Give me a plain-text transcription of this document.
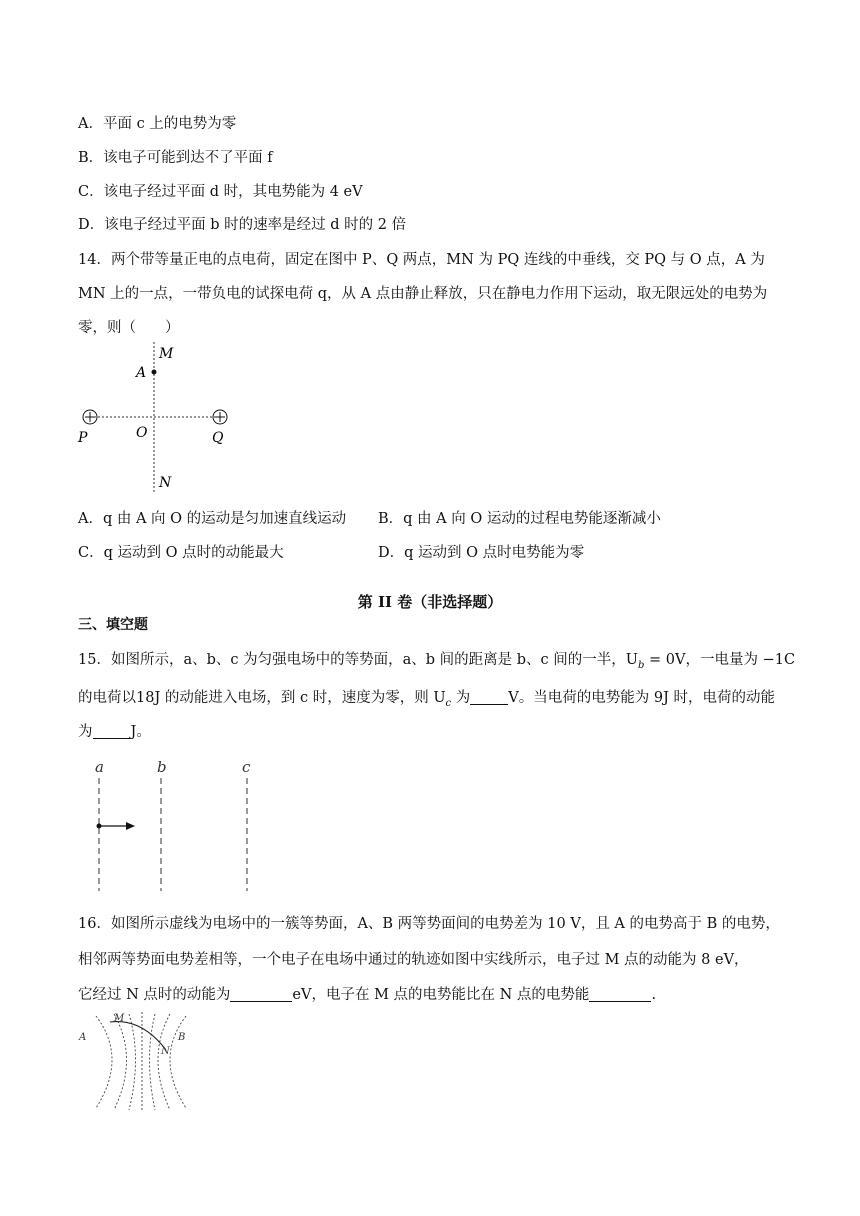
A．平面 c 上的电势为零
B．该电子可能到达不了平面 f
C．该电子经过平面 d 时，其电势能为 4 eV
D．该电子经过平面 b 时的速率是经过 d 时的 2 倍
14．两个带等量正电的点电荷，固定在图中 P、Q 两点，MN 为 PQ 连线的中垂线，交 PQ 与 O 点，A 为
MN 上的一点，一带负电的试探电荷 q，从 A 点由静止释放，只在静电力作用下运动，取无限远处的电势为
零，则（　　）
M
A
P	O	Q
N
A．q 由 A 向 O 的运动是匀加速直线运动 B．q 由 A 向 O 运动的过程电势能逐渐减小
C．q 运动到 O 点时的动能最大	D．q 运动到 O 点时电势能为零
第 II 卷（非选择题）
三、填空题
15．如图所示，a、b、c 为匀强电场中的等势面，a、b 间的距离是 b、c 间的一半，$U_b = 0V$，一电量为 −1C
的电荷以18J 的动能进入电场，到 c 时，速度为零，则 $U_c$ 为	V。当电荷的电势能为 9J 时，电荷的动能
为	J。
a	b	c
16．如图所示虚线为电场中的一簇等势面，A、B 两等势面间的电势差为 10 V，且 A 的电势高于 B 的电势，
相邻两等势面电势差相等，一个电子在电场中通过的轨迹如图中实线所示，电子过 M 点的动能为 8 eV，
它经过 N 点时的动能为	eV，电子在 M 点的电势能比在 N 点的电势能	.
A	B
M
N
